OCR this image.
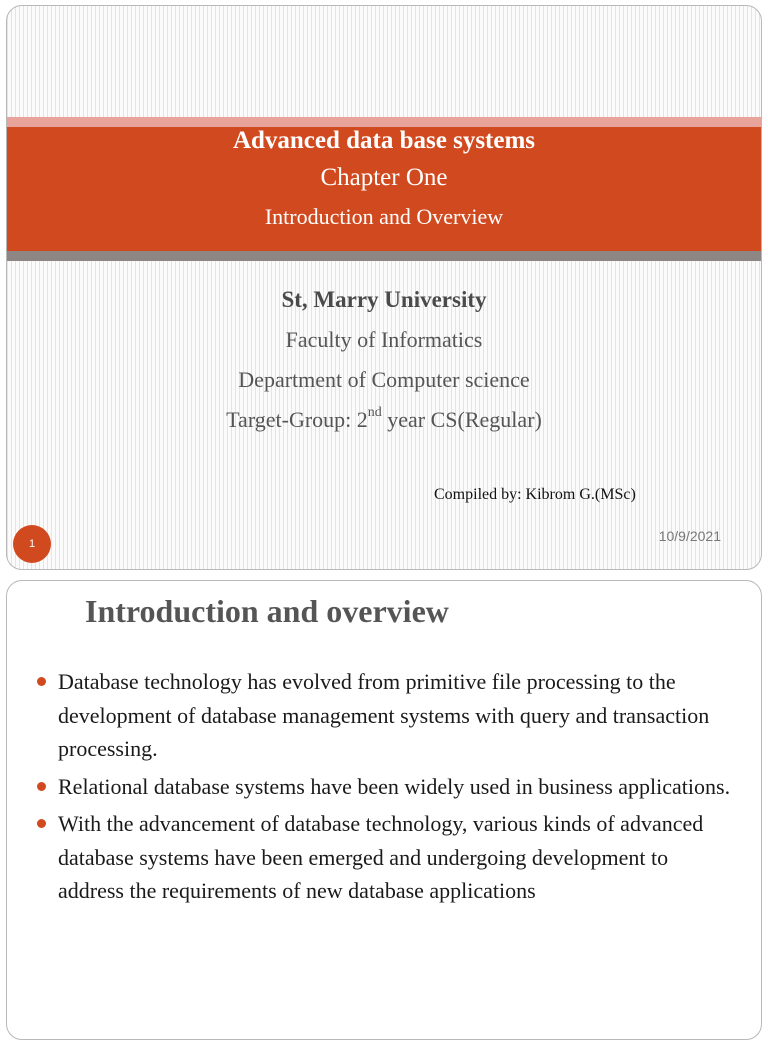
Advanced data base systems
Chapter One
Introduction and Overview
St, Marry University
Faculty of Informatics
Department of Computer science
Target-Group: 2nd year CS(Regular)
Compiled by: Kibrom G.(MSc)
10/9/2021
1
Introduction and overview
Database technology has evolved from primitive file processing to the development of database management systems with query and transaction processing.
Relational database systems have been widely used in business applications.
With the advancement of database technology, various kinds of advanced database systems have been emerged and undergoing development to address the requirements of new database applications
